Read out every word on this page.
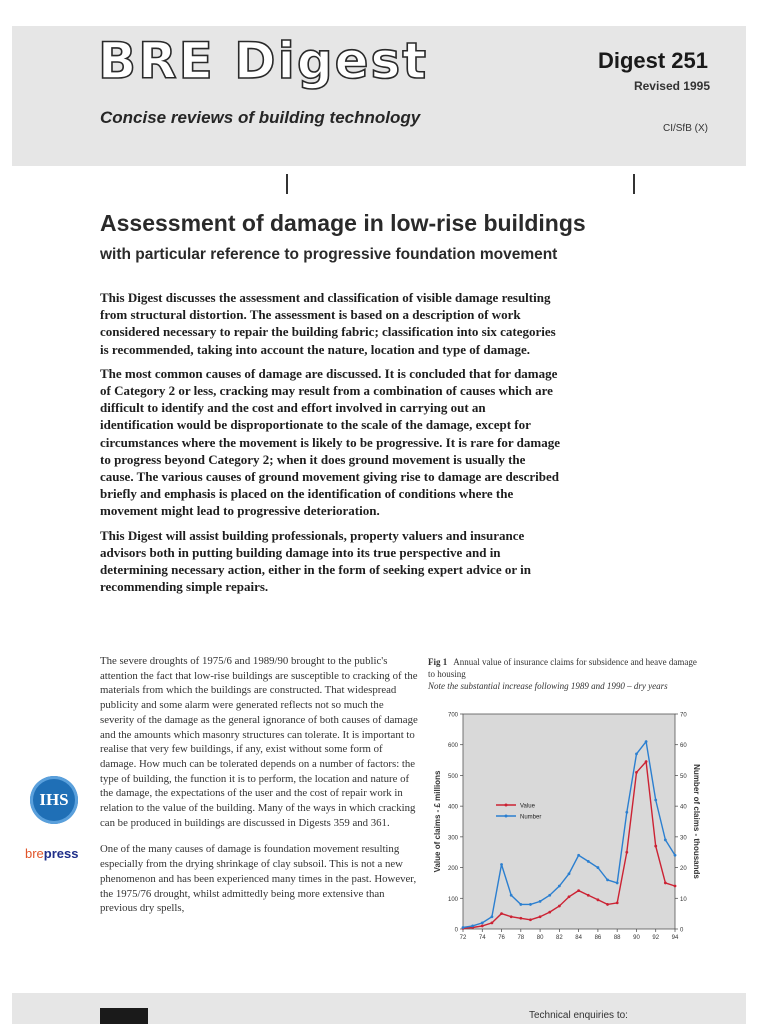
BRE Digest
Concise reviews of building technology
Digest 251
Revised 1995
CI/SfB (X)
Assessment of damage in low-rise buildings
with particular reference to progressive foundation movement

This Digest discusses the assessment and classification of visible damage resulting from structural distortion. The assessment is based on a description of work considered necessary to repair the building fabric; classification into six categories is recommended, taking into account the nature, location and type of damage.

The most common causes of damage are discussed. It is concluded that for damage of Category 2 or less, cracking may result from a combination of causes which are difficult to identify and the cost and effort involved in carrying out an identification would be disproportionate to the scale of the damage, except for circumstances where the movement is likely to be progressive. It is rare for damage to progress beyond Category 2; when it does ground movement is usually the cause. The various causes of ground movement giving rise to damage are described briefly and emphasis is placed on the identification of conditions where the movement might lead to progressive deterioration.

This Digest will assist building professionals, property valuers and insurance advisors both in putting building damage into its true perspective and in determining necessary action, either in the form of seeking expert advice or in recommending simple repairs.

The severe droughts of 1975/6 and 1989/90 brought to the public's attention the fact that low-rise buildings are susceptible to cracking of the materials from which the buildings are constructed. That widespread publicity and some alarm were generated reflects not so much the severity of the damage as the general ignorance of both causes of damage and the amounts which masonry structures can tolerate. It is important to realise that very few buildings, if any, exist without some form of damage. How much can be tolerated depends on a number of factors: the type of building, the function it is to perform, the location and nature of the damage, the expectations of the user and the cost of repair work in relation to the value of the building. Many of the ways in which cracking can be produced in buildings are discussed in Digests 359 and 361.

One of the many causes of damage is foundation movement resulting especially from the drying shrinkage of clay subsoil. This is not a new phenomenon and has been experienced many times in the past. However, the 1975/76 drought, whilst admittedly being more extensive than previous dry spells,

IHS
brepress
Fig 1 Annual value of insurance claims for subsidence and heave damage to housing
Note the substantial increase following 1989 and 1990 – dry years
0
100
200
300
400
500
600
700
0
10
20
30
40
50
60
70
72 74 76 78 80 82 84 86 88 90 92 94
Value of claims - £ millions	Number of claims - thousands
Value
Number
Technical enquiries to:
